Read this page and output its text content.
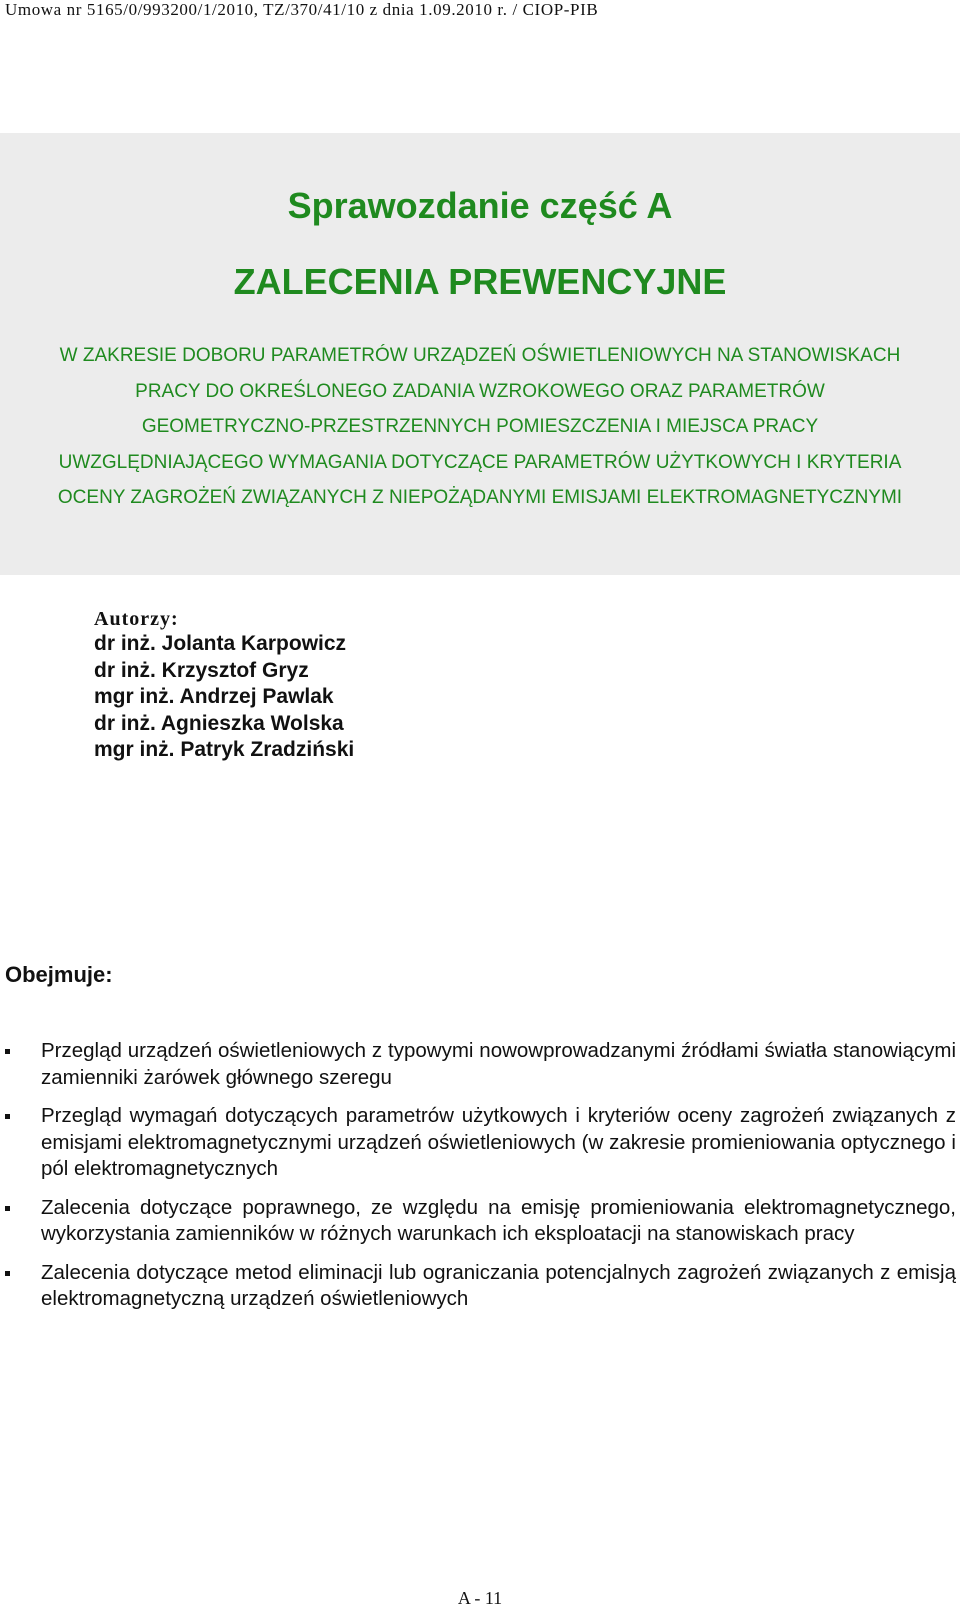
Umowa nr 5165/0/993200/1/2010, TZ/370/41/10 z dnia 1.09.2010 r. / CIOP-PIB
Sprawozdanie część A
ZALECENIA PREWENCYJNE
W ZAKRESIE DOBORU PARAMETRÓW URZĄDZEŃ OŚWIETLENIOWYCH NA STANOWISKACH
PRACY DO OKREŚLONEGO ZADANIA WZROKOWEGO ORAZ PARAMETRÓW
GEOMETRYCZNO-PRZESTRZENNYCH POMIESZCZENIA I MIEJSCA PRACY
UWZGLĘDNIAJĄCEGO WYMAGANIA DOTYCZĄCE PARAMETRÓW UŻYTKOWYCH I KRYTERIA
OCENY ZAGROŻEŃ ZWIĄZANYCH Z NIEPOŻĄDANYMI EMISJAMI ELEKTROMAGNETYCZNYMI
Autorzy:
dr inż. Jolanta Karpowicz
dr inż. Krzysztof Gryz
mgr inż. Andrzej Pawlak
dr inż. Agnieszka Wolska
mgr inż. Patryk Zradziński
Obejmuje:
Przegląd urządzeń oświetleniowych z typowymi nowowprowadzanymi źródłami światła stanowiącymi zamienniki żarówek głównego szeregu
Przegląd wymagań dotyczących parametrów użytkowych i kryteriów oceny zagrożeń związanych z emisjami elektromagnetycznymi urządzeń oświetleniowych (w zakresie promieniowania optycznego i pól elektromagnetycznych
Zalecenia dotyczące poprawnego, ze względu na emisję promieniowania elektromagnetycznego, wykorzystania zamienników w różnych warunkach ich eksploatacji na stanowiskach pracy
Zalecenia dotyczące metod eliminacji lub ograniczania potencjalnych zagrożeń związanych z emisją elektromagnetyczną urządzeń oświetleniowych
A - 11
